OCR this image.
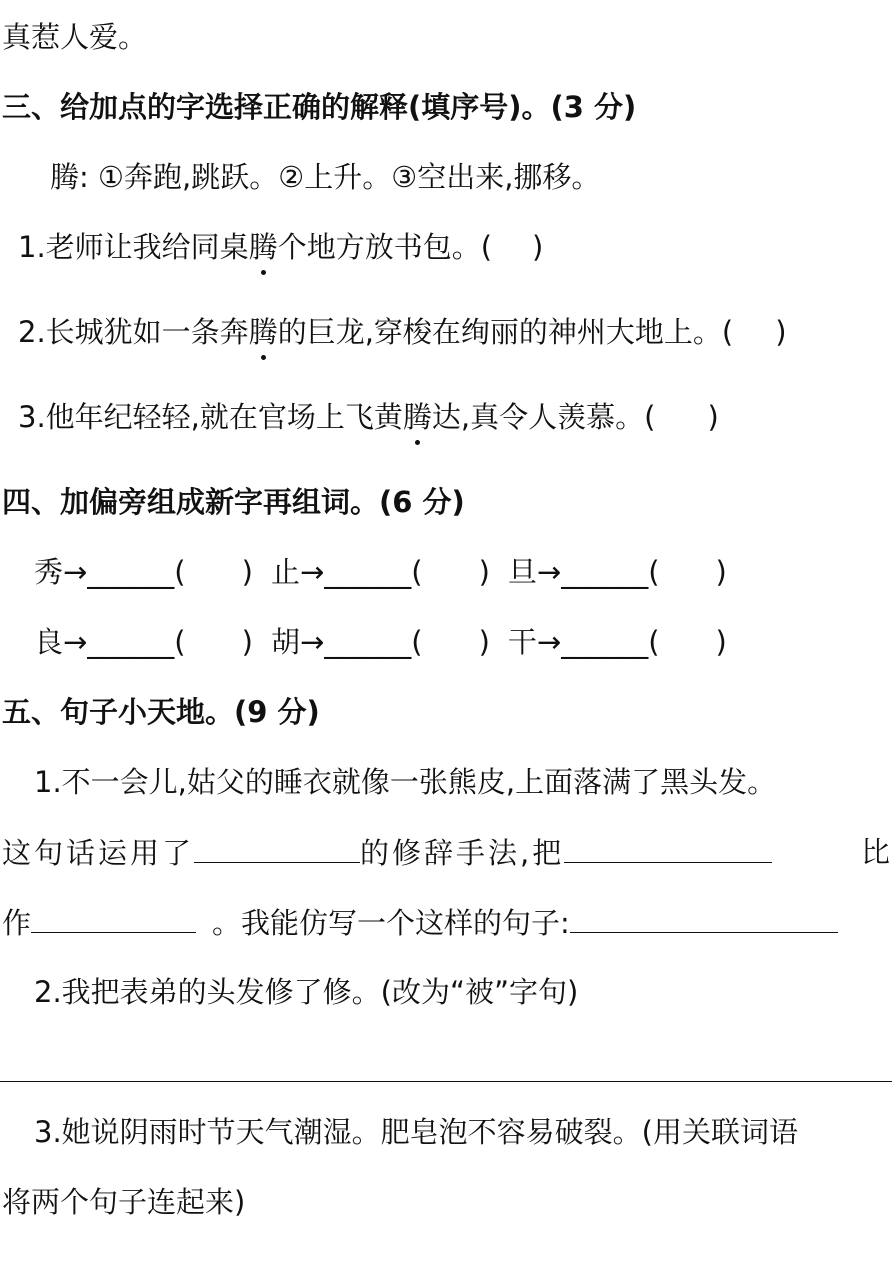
真惹人爱。
三、给加点的字选择正确的解释(填序号)。(3 分)
腾: ①奔跑,跳跃。②上升。③空出来,挪移。
1.老师让我给同桌腾个地方放书包。( )
2.长城犹如一条奔腾的巨龙,穿梭在绚丽的神州大地上。( )
3.他年纪轻轻,就在官场上飞黄腾达,真令人羡慕。( )
四、加偏旁组成新字再组词。(6 分)
秀→______( ) 止→______( ) 旦→______( )
良→______( ) 胡→______( ) 干→______( )
五、句子小天地。(9 分)
1.不一会儿,姑父的睡衣就像一张熊皮,上面落满了黑头发。
这句话运用了	的修辞手法,把	比
作	。我能仿写一个这样的句子:
2.我把表弟的头发修了修。(改为“被”字句)
3.她说阴雨时节天气潮湿。肥皂泡不容易破裂。(用关联词语
将两个句子连起来)
